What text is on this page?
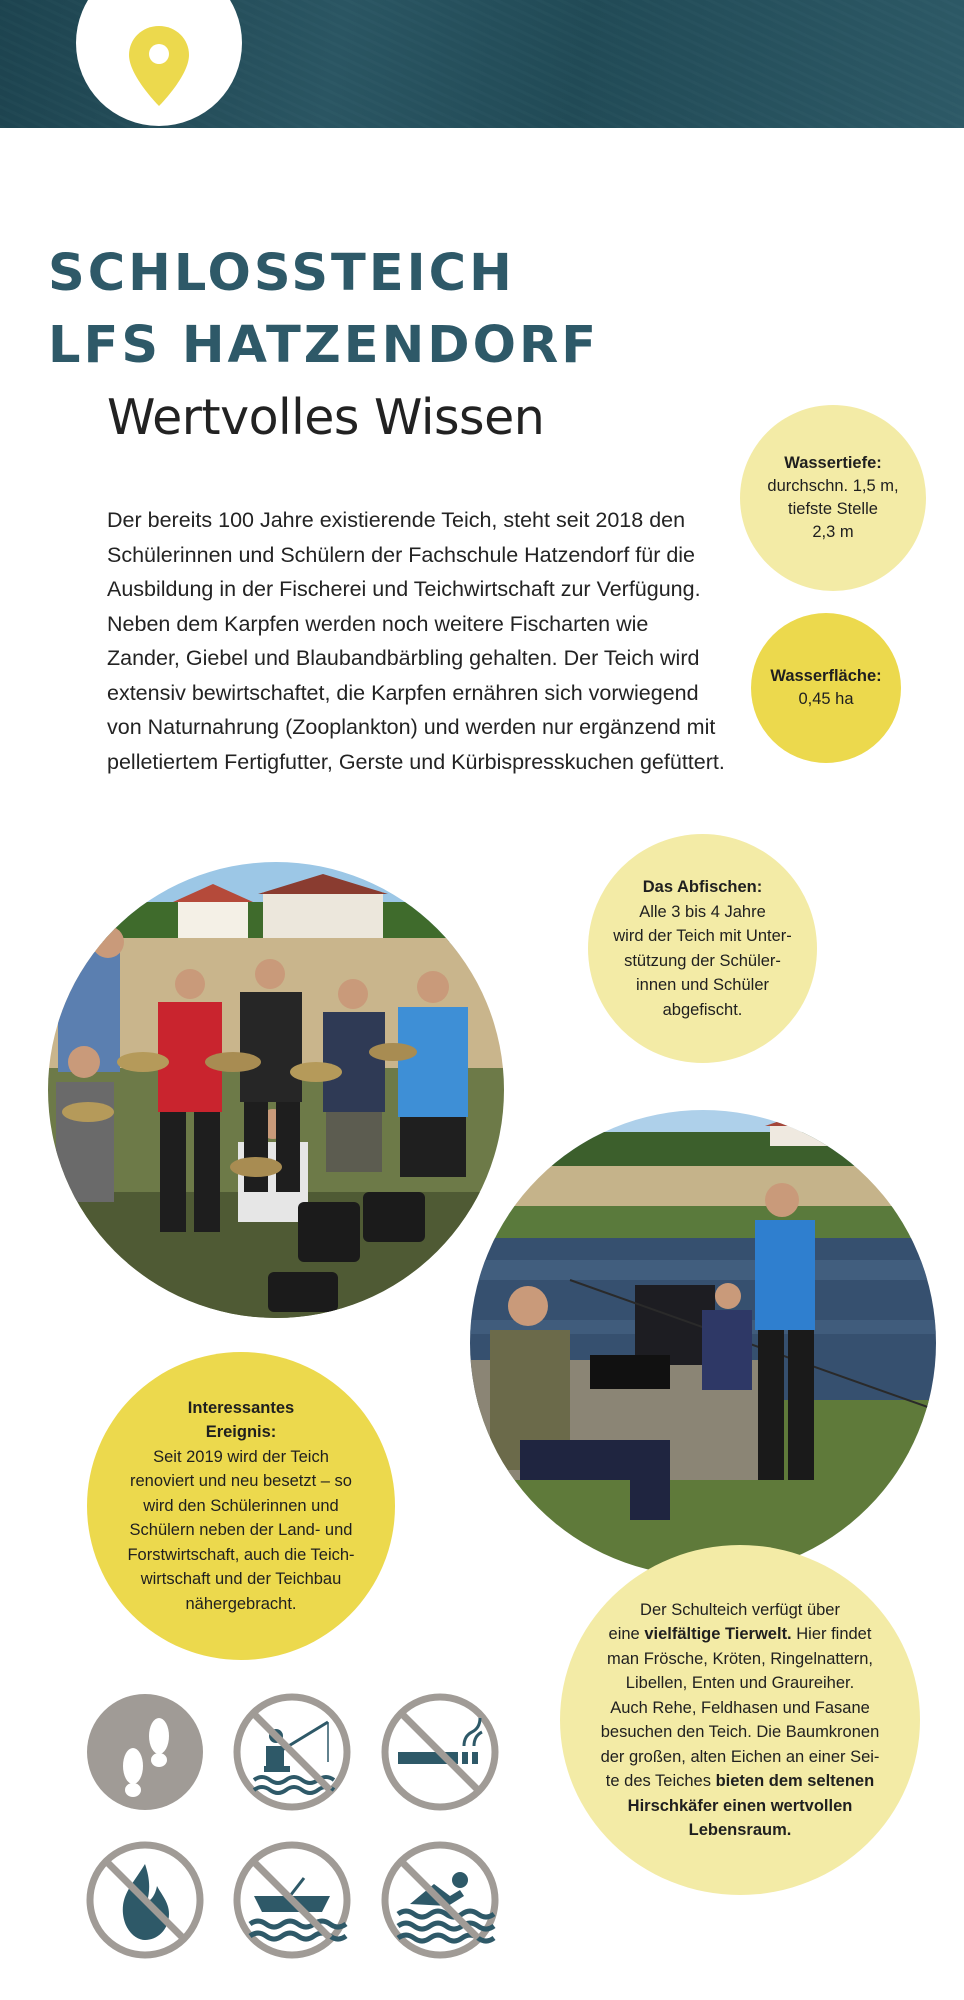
SCHLOSSTEICH
LFS HATZENDORF
Wertvolles Wissen

Der bereits 100 Jahre existierende Teich, steht seit 2018 den Schülerinnen und Schülern der Fachschule Hatzendorf für die Ausbildung in der Fischerei und Teichwirtschaft zur Verfügung. Neben dem Karpfen werden noch weitere Fischarten wie Zander, Giebel und Blaubandbärbling gehalten. Der Teich wird extensiv bewirtschaftet, die Karpfen ernähren sich vorwiegend von Naturnahrung (Zooplankton) und werden nur ergänzend mit pelletiertem Fertigfutter, Gerste und Kürbispresskuchen gefüttert.

Wassertiefe:
durchschn. 1,5 m,
tiefste Stelle
2,3 m
Wasserfläche:
0,45 ha
Das Abfischen:
Alle 3 bis 4 Jahre
wird der Teich mit Unter-
stützung der Schüler-
innen und Schüler
abgefischt.
Interessantes
Ereignis:
Seit 2019 wird der Teich
renoviert und neu besetzt – so
wird den Schülerinnen und
Schülern neben der Land- und
Forstwirtschaft, auch die Teich-
wirtschaft und der Teichbau
nähergebracht.	Der Schulteich verfügt über
eine vielfältige Tierwelt. Hier findet
man Frösche, Kröten, Ringelnattern,
Libellen, Enten und Graureiher.
Auch Rehe, Feldhasen und Fasane
besuchen den Teich. Die Baumkronen
der großen, alten Eichen an einer Sei-
te des Teiches bieten dem seltenen
Hirschkäfer einen wertvollen
Lebensraum.
